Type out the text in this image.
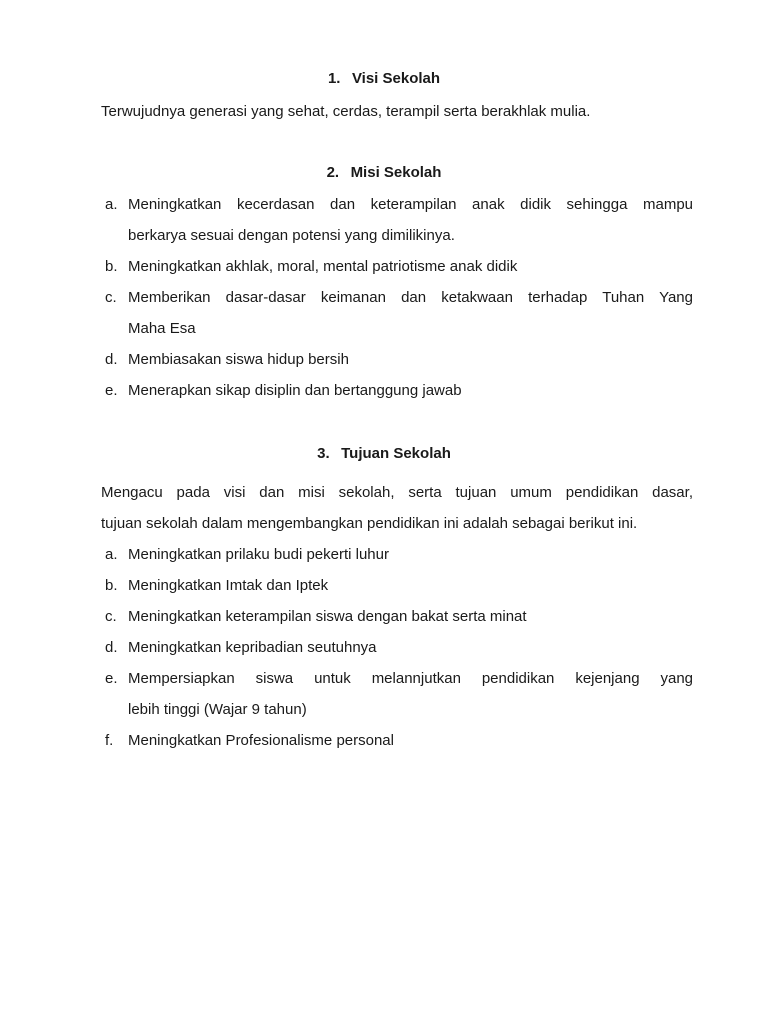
1. Visi Sekolah
Terwujudnya generasi yang sehat, cerdas, terampil serta berakhlak mulia.
2. Misi Sekolah
a. Meningkatkan kecerdasan dan keterampilan anak didik sehingga mampu
berkarya sesuai dengan potensi yang dimilikinya.
b. Meningkatkan akhlak, moral, mental patriotisme anak didik
c. Memberikan dasar-dasar keimanan dan ketakwaan terhadap Tuhan Yang
Maha Esa
d. Membiasakan siswa hidup bersih
e. Menerapkan sikap disiplin dan bertanggung jawab
3. Tujuan Sekolah
Mengacu pada visi dan misi sekolah, serta tujuan umum pendidikan dasar,
tujuan sekolah dalam mengembangkan pendidikan ini adalah sebagai berikut ini.
a. Meningkatkan prilaku budi pekerti luhur
b. Meningkatkan Imtak dan Iptek
c. Meningkatkan keterampilan siswa dengan bakat serta minat
d. Meningkatkan kepribadian seutuhnya
e. Mempersiapkan siswa untuk melannjutkan pendidikan kejenjang yang
lebih tinggi (Wajar 9 tahun)
f. Meningkatkan Profesionalisme personal
